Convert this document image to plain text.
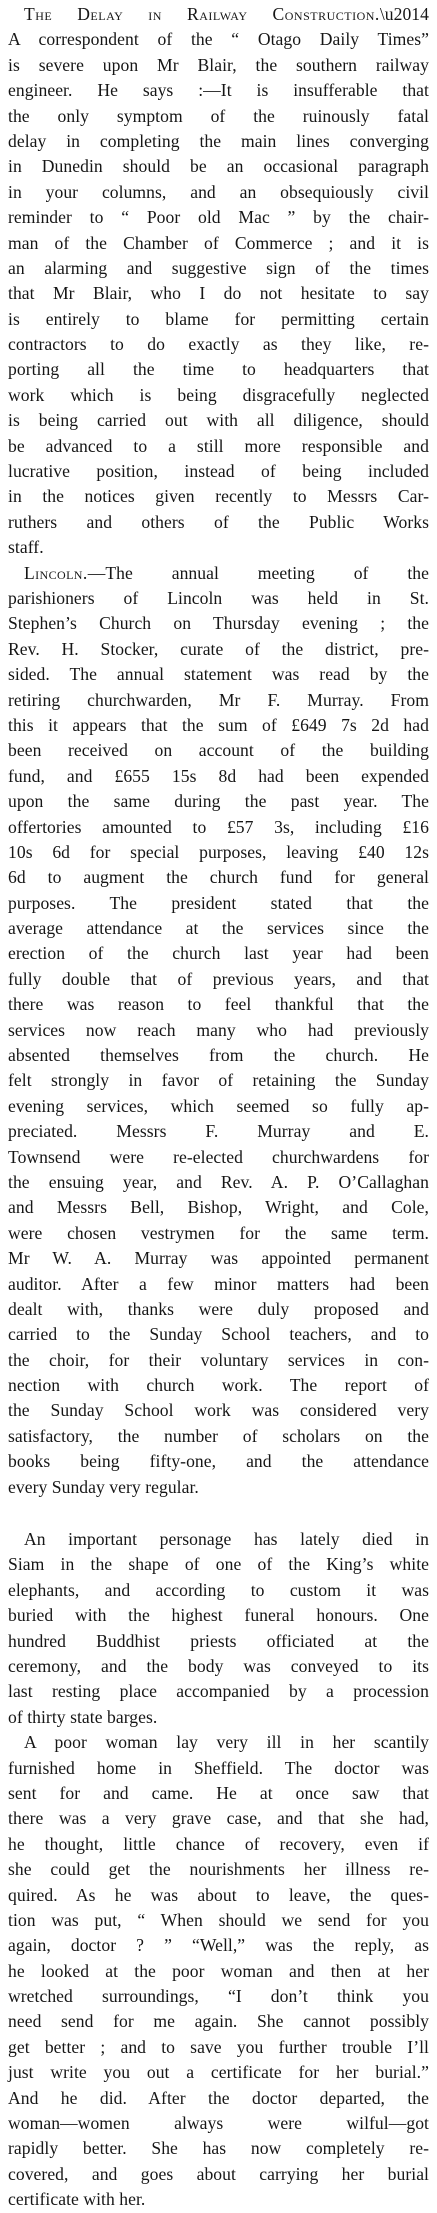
The Delay in Railway Construction.\u2014
A correspondent of the “ Otago Daily Times”
is severe upon Mr Blair, the southern railway
engineer. He says :—It is insufferable that
the only symptom of the ruinously fatal
delay in completing the main lines converging
in Dunedin should be an occasional paragraph
in your columns, and an obsequiously civil
reminder to “ Poor old Mac ” by the chair-
man of the Chamber of Commerce ; and it is
an alarming and suggestive sign of the times
that Mr Blair, who I do not hesitate to say
is entirely to blame for permitting certain
contractors to do exactly as they like, re-
porting all the time to headquarters that
work which is being disgracefully neglected
is being carried out with all diligence, should
be advanced to a still more responsible and
lucrative position, instead of being included
in the notices given recently to Messrs Car-
ruthers and others of the Public Works
staff.
Lincoln.—The annual meeting of the
parishioners of Lincoln was held in St.
Stephen’s Church on Thursday evening ; the
Rev. H. Stocker, curate of the district, pre-
sided. The annual statement was read by the
retiring churchwarden, Mr F. Murray. From
this it appears that the sum of £649 7s 2d had
been received on account of the building
fund, and £655 15s 8d had been expended
upon the same during the past year. The
offertories amounted to £57 3s, including £16
10s 6d for special purposes, leaving £40 12s
6d to augment the church fund for general
purposes. The president stated that the
average attendance at the services since the
erection of the church last year had been
fully double that of previous years, and that
there was reason to feel thankful that the
services now reach many who had previously
absented themselves from the church. He
felt strongly in favor of retaining the Sunday
evening services, which seemed so fully ap-
preciated. Messrs F. Murray and E.
Townsend were re-elected churchwardens for
the ensuing year, and Rev. A. P. O’Callaghan
and Messrs Bell, Bishop, Wright, and Cole,
were chosen vestrymen for the same term.
Mr W. A. Murray was appointed permanent
auditor. After a few minor matters had been
dealt with, thanks were duly proposed and
carried to the Sunday School teachers, and to
the choir, for their voluntary services in con-
nection with church work. The report of
the Sunday School work was considered very
satisfactory, the number of scholars on the
books being fifty-one, and the attendance
every Sunday very regular.
An important personage has lately died in
Siam in the shape of one of the King’s white
elephants, and according to custom it was
buried with the highest funeral honours. One
hundred Buddhist priests officiated at the
ceremony, and the body was conveyed to its
last resting place accompanied by a procession
of thirty state barges.
A poor woman lay very ill in her scantily
furnished home in Sheffield. The doctor was
sent for and came. He at once saw that
there was a very grave case, and that she had,
he thought, little chance of recovery, even if
she could get the nourishments her illness re-
quired. As he was about to leave, the ques-
tion was put, “ When should we send for you
again, doctor ? ” “Well,” was the reply, as
he looked at the poor woman and then at her
wretched surroundings, “I don’t think you
need send for me again. She cannot possibly
get better ; and to save you further trouble I’ll
just write you out a certificate for her burial.”
And he did. After the doctor departed, the
woman—women always were wilful—got
rapidly better. She has now completely re-
covered, and goes about carrying her burial
certificate with her.
